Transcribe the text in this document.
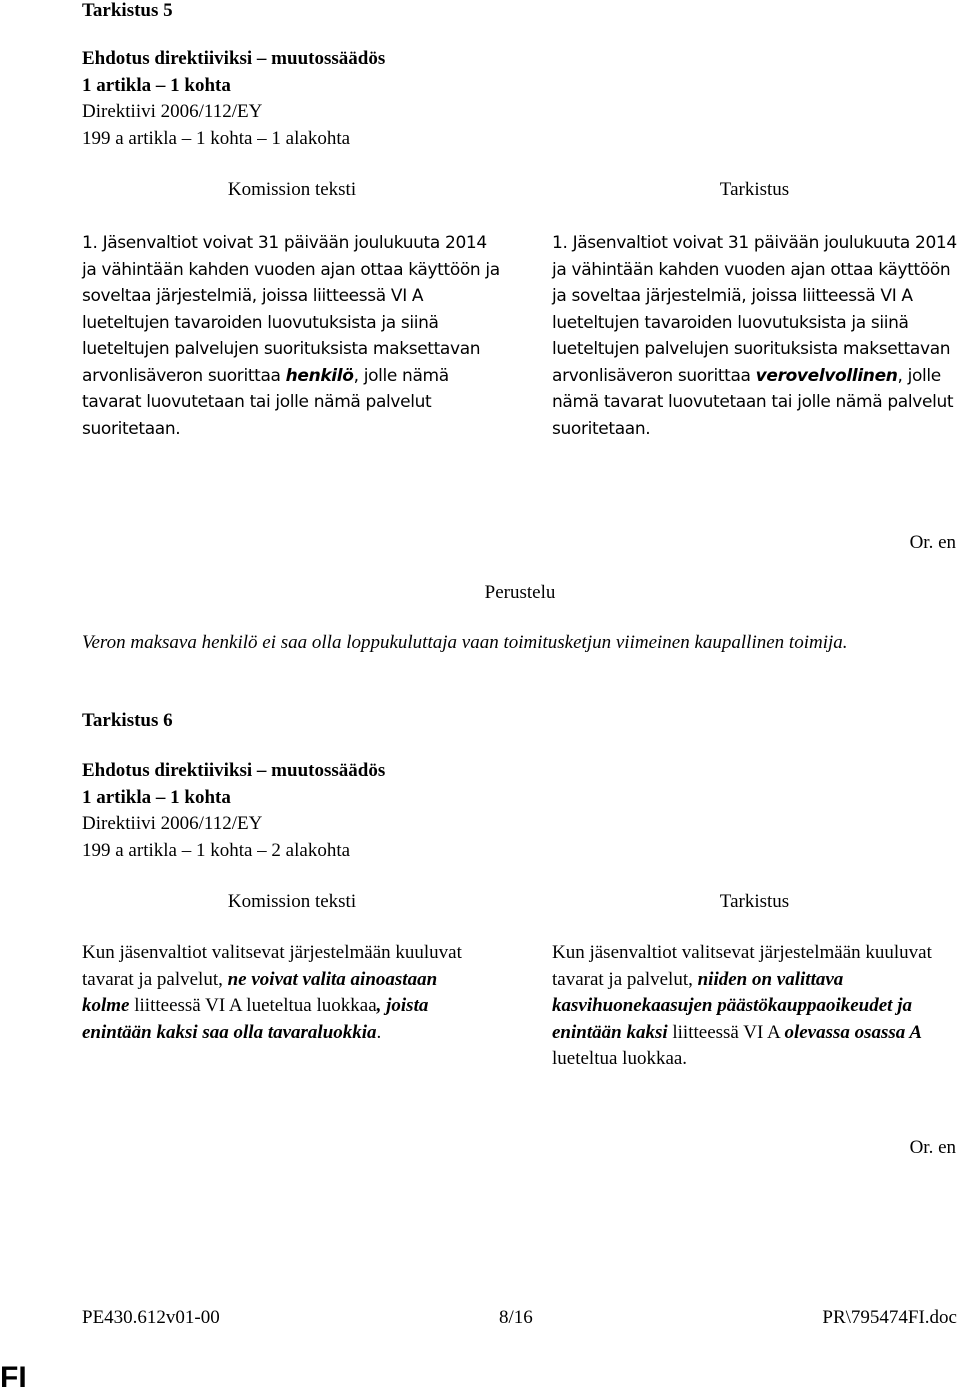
Tarkistus 5
Ehdotus direktiiviksi – muutossäädös
1 artikla – 1 kohta
Direktiivi 2006/112/EY
199 a artikla – 1 kohta – 1 alakohta
Komission teksti	Tarkistus
1. Jäsenvaltiot voivat 31 päivään joulukuuta 2014 ja vähintään kahden vuoden ajan ottaa käyttöön ja soveltaa järjestelmiä, joissa liitteessä VI A lueteltujen tavaroiden luovutuksista ja siinä lueteltujen palvelujen suorituksista maksettavan arvonlisäveron suorittaa henkilö, jolle nämä tavarat luovutetaan tai jolle nämä palvelut suoritetaan.
1. Jäsenvaltiot voivat 31 päivään joulukuuta 2014 ja vähintään kahden vuoden ajan ottaa käyttöön ja soveltaa järjestelmiä, joissa liitteessä VI A lueteltujen tavaroiden luovutuksista ja siinä lueteltujen palvelujen suorituksista maksettavan arvonlisäveron suorittaa verovelvollinen, jolle nämä tavarat luovutetaan tai jolle nämä palvelut suoritetaan.
Or. en
Perustelu
Veron maksava henkilö ei saa olla loppukuluttaja vaan toimitusketjun viimeinen kaupallinen toimija.
Tarkistus 6
Ehdotus direktiiviksi – muutossäädös
1 artikla – 1 kohta
Direktiivi 2006/112/EY
199 a artikla – 1 kohta – 2 alakohta
Komission teksti	Tarkistus
Kun jäsenvaltiot valitsevat järjestelmään kuuluvat tavarat ja palvelut, ne voivat valita ainoastaan kolme liitteessä VI A lueteltua luokkaa, joista enintään kaksi saa olla tavaraluokkia.
Kun jäsenvaltiot valitsevat järjestelmään kuuluvat tavarat ja palvelut, niiden on valittava kasvihuonekaasujen päästökauppaoikeudet ja enintään kaksi liitteessä VI A olevassa osassa A lueteltua luokkaa.
Or. en
PE430.612v01-00	8/16	PR\795474FI.doc
FI
